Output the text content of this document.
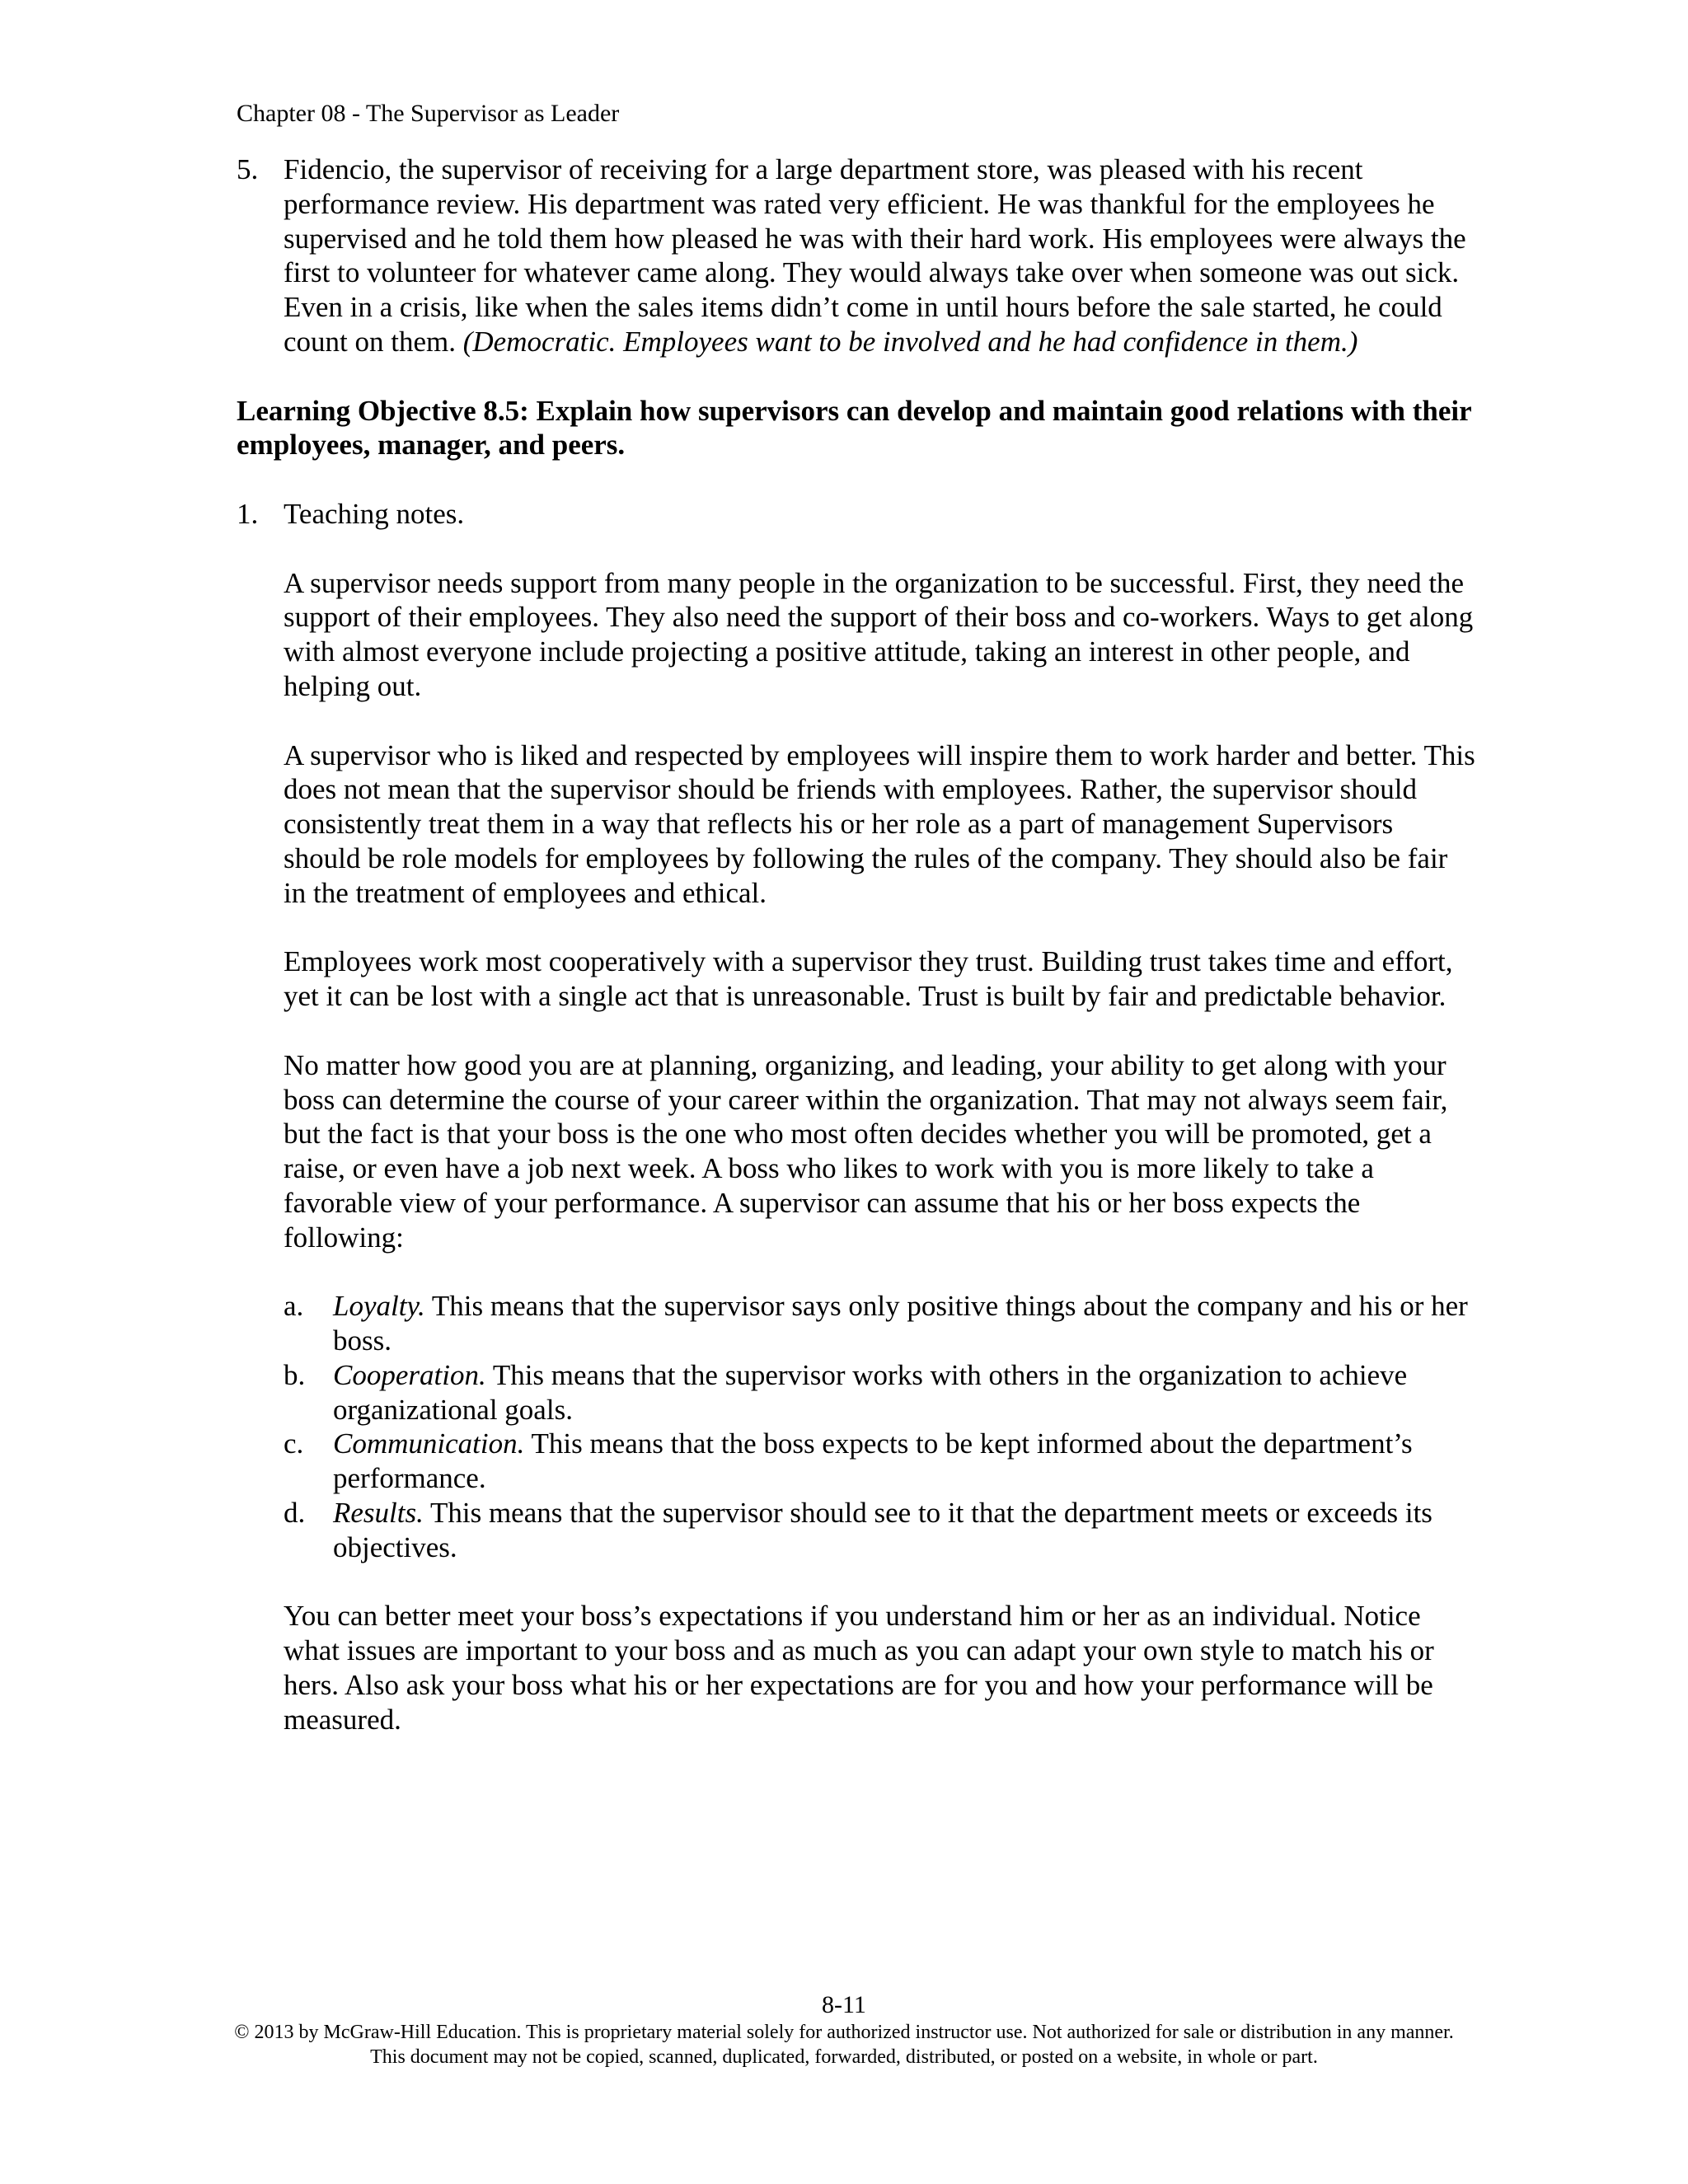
Chapter 08 - The Supervisor as Leader
5. Fidencio, the supervisor of receiving for a large department store, was pleased with his recent performance review. His department was rated very efficient. He was thankful for the employees he supervised and he told them how pleased he was with their hard work. His employees were always the first to volunteer for whatever came along. They would always take over when someone was out sick. Even in a crisis, like when the sales items didn’t come in until hours before the sale started, he could count on them. (Democratic. Employees want to be involved and he had confidence in them.)

Learning Objective 8.5: Explain how supervisors can develop and maintain good relations with their employees, manager, and peers.

1. Teaching notes.

A supervisor needs support from many people in the organization to be successful. First, they need the support of their employees. They also need the support of their boss and co-workers. Ways to get along with almost everyone include projecting a positive attitude, taking an interest in other people, and helping out.

A supervisor who is liked and respected by employees will inspire them to work harder and better. This does not mean that the supervisor should be friends with employees. Rather, the supervisor should consistently treat them in a way that reflects his or her role as a part of management Supervisors should be role models for employees by following the rules of the company. They should also be fair in the treatment of employees and ethical.

Employees work most cooperatively with a supervisor they trust. Building trust takes time and effort, yet it can be lost with a single act that is unreasonable. Trust is built by fair and predictable behavior.

No matter how good you are at planning, organizing, and leading, your ability to get along with your boss can determine the course of your career within the organization. That may not always seem fair, but the fact is that your boss is the one who most often decides whether you will be promoted, get a raise, or even have a job next week. A boss who likes to work with you is more likely to take a favorable view of your performance. A supervisor can assume that his or her boss expects the following:

a. Loyalty. This means that the supervisor says only positive things about the company and his or her boss.

b. Cooperation. This means that the supervisor works with others in the organization to achieve organizational goals.

c. Communication. This means that the boss expects to be kept informed about the department’s performance.

d. Results. This means that the supervisor should see to it that the department meets or exceeds its objectives.

You can better meet your boss’s expectations if you understand him or her as an individual. Notice what issues are important to your boss and as much as you can adapt your own style to match his or hers. Also ask your boss what his or her expectations are for you and how your performance will be measured.

8-11
© 2013 by McGraw-Hill Education. This is proprietary material solely for authorized instructor use. Not authorized for sale or distribution in any manner. This document may not be copied, scanned, duplicated, forwarded, distributed, or posted on a website, in whole or part.
